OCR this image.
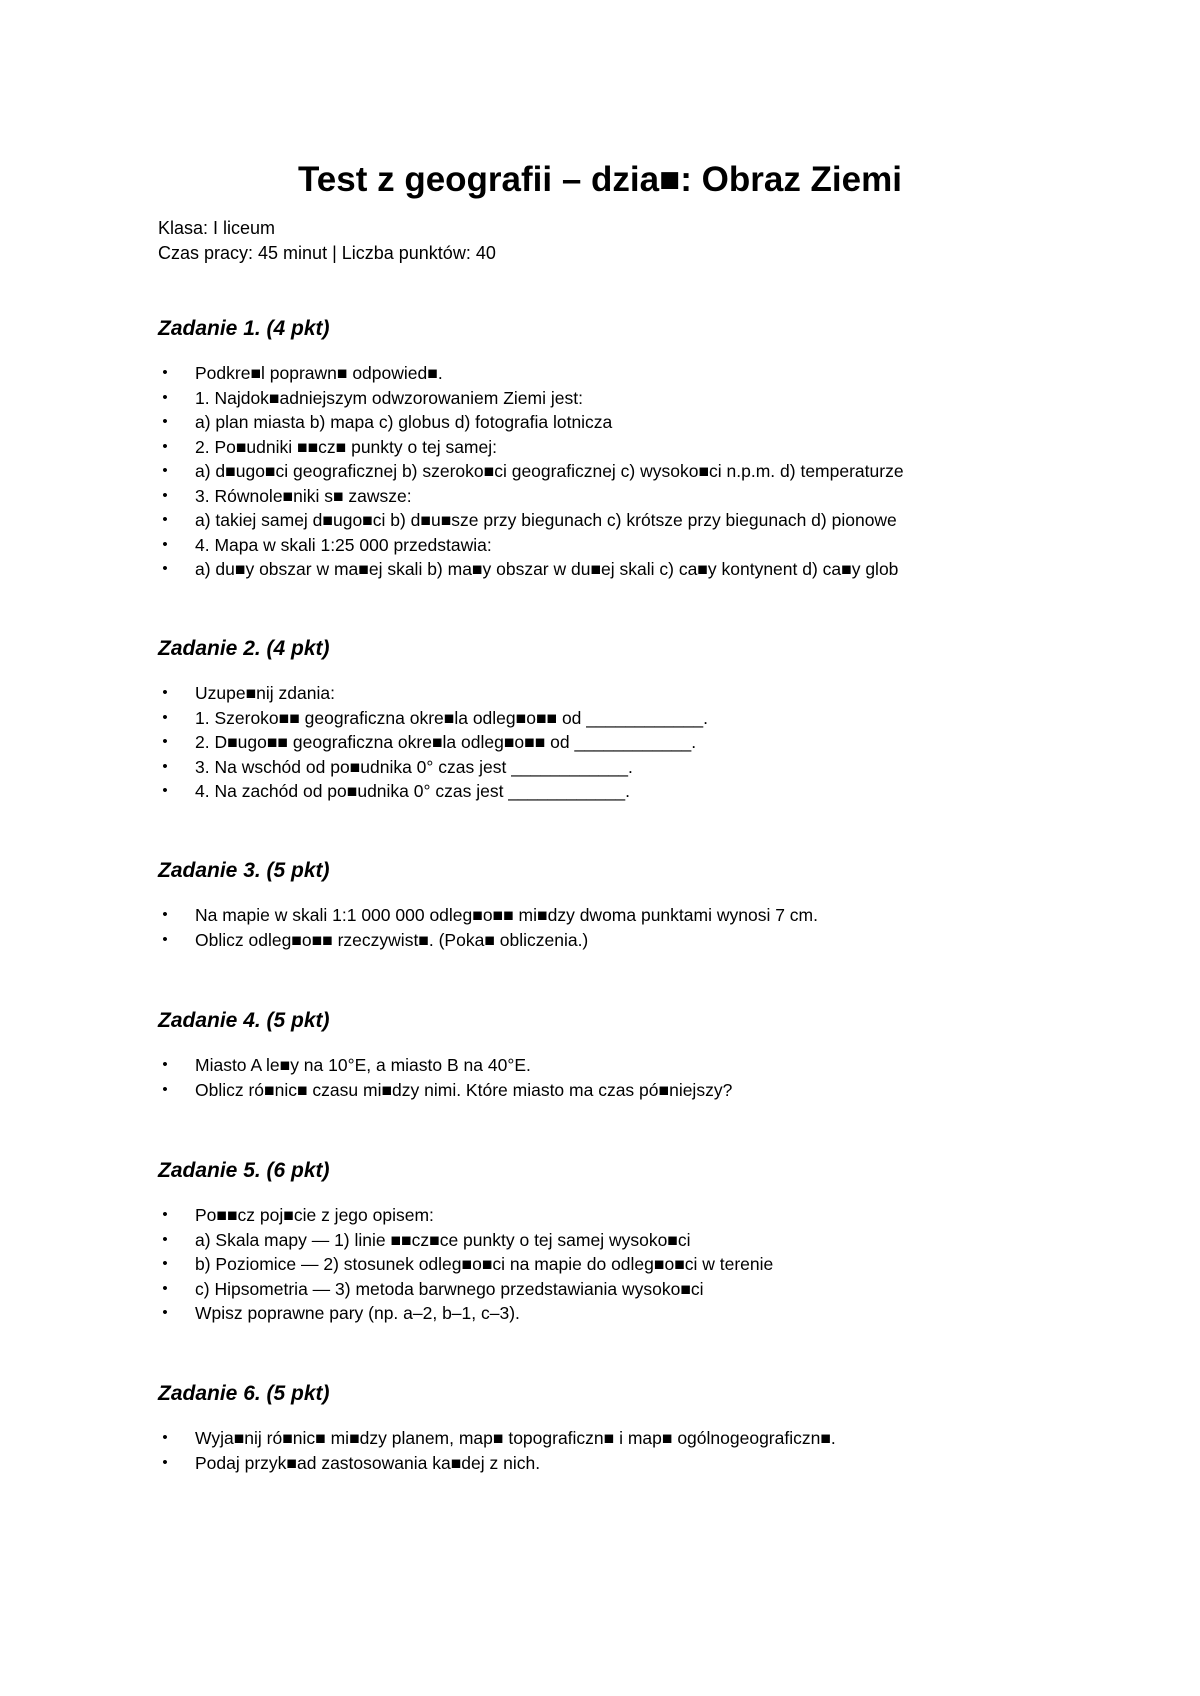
Test z geografii – dzia■: Obraz Ziemi
Klasa: I liceum
Czas pracy: 45 minut | Liczba punktów: 40
Zadanie 1. (4 pkt)
• Podkre■l poprawn■ odpowied■.
• 1. Najdok■adniejszym odwzorowaniem Ziemi jest:
• a) plan miasta b) mapa c) globus d) fotografia lotnicza
• 2. Po■udniki ■■cz■ punkty o tej samej:
• a) d■ugo■ci geograficznej b) szeroko■ci geograficznej c) wysoko■ci n.p.m. d) temperaturze
• 3. Równole■niki s■ zawsze:
• a) takiej samej d■ugo■ci b) d■u■sze przy biegunach c) krótsze przy biegunach d) pionowe
• 4. Mapa w skali 1:25 000 przedstawia:
• a) du■y obszar w ma■ej skali b) ma■y obszar w du■ej skali c) ca■y kontynent d) ca■y glob
Zadanie 2. (4 pkt)
• Uzupe■nij zdania:
• 1. Szeroko■■ geograficzna okre■la odleg■o■■ od ____________.
• 2. D■ugo■■ geograficzna okre■la odleg■o■■ od ____________.
• 3. Na wschód od po■udnika 0° czas jest ____________.
• 4. Na zachód od po■udnika 0° czas jest ____________.
Zadanie 3. (5 pkt)
• Na mapie w skali 1:1 000 000 odleg■o■■ mi■dzy dwoma punktami wynosi 7 cm.
• Oblicz odleg■o■■ rzeczywist■. (Poka■ obliczenia.)
Zadanie 4. (5 pkt)
• Miasto A le■y na 10°E, a miasto B na 40°E.
• Oblicz ró■nic■ czasu mi■dzy nimi. Które miasto ma czas pó■niejszy?
Zadanie 5. (6 pkt)
• Po■■cz poj■cie z jego opisem:
• a) Skala mapy — 1) linie ■■cz■ce punkty o tej samej wysoko■ci
• b) Poziomice — 2) stosunek odleg■o■ci na mapie do odleg■o■ci w terenie
• c) Hipsometria — 3) metoda barwnego przedstawiania wysoko■ci
• Wpisz poprawne pary (np. a–2, b–1, c–3).
Zadanie 6. (5 pkt)
• Wyja■nij ró■nic■ mi■dzy planem, map■ topograficzn■ i map■ ogólnogeograficzn■.
• Podaj przyk■ad zastosowania ka■dej z nich.
